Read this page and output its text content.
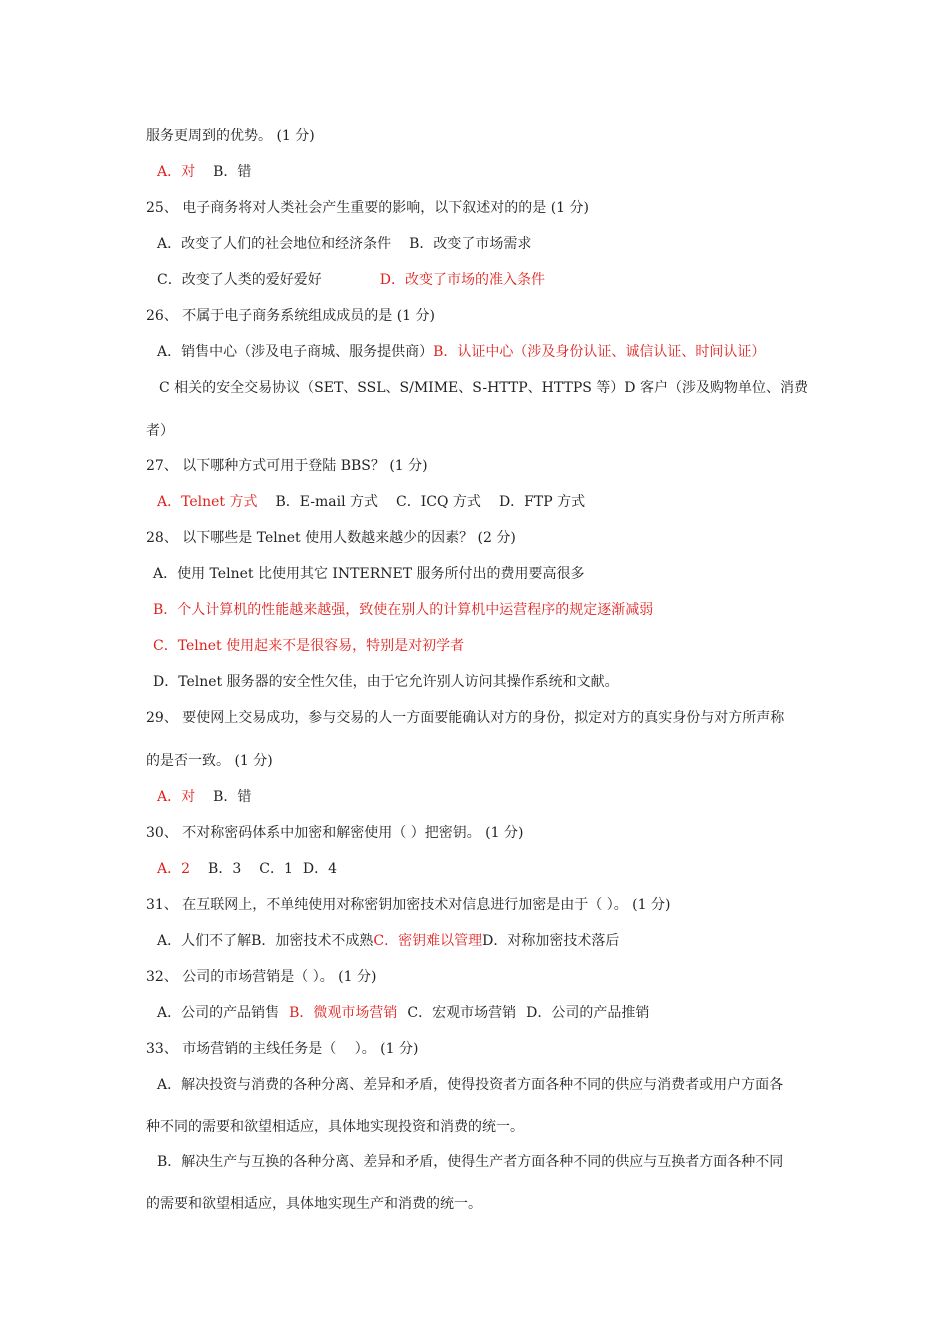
服务更周到的优势。 (1 分)
A．对 B．错
25、 电子商务将对人类社会产生重要的影响，以下叙述对的的是 (1 分)
A．改变了人们的社会地位和经济条件 B．改变了市场需求
C．改变了人类的爱好爱好	D．改变了市场的准入条件
26、 不属于电子商务系统组成成员的是 (1 分)
A．销售中心（涉及电子商城、服务提供商）B．认证中心（涉及身份认证、诚信认证、时间认证）
C 相关的安全交易协议（SET、SSL、S/MIME、S-HTTP、HTTPS 等）D 客户（涉及购物单位、消费
者）
27、 以下哪种方式可用于登陆 BBS？ (1 分)
A．Telnet 方式 B．E-mail 方式 C．ICQ 方式 D．FTP 方式
28、 以下哪些是 Telnet 使用人数越来越少的因素？ (2 分)
A．使用 Telnet 比使用其它 INTERNET 服务所付出的费用要高很多
B．个人计算机的性能越来越强，致使在别人的计算机中运营程序的规定逐渐减弱
C．Telnet 使用起来不是很容易，特别是对初学者
D．Telnet 服务器的安全性欠佳，由于它允许别人访问其操作系统和文献。
29、 要使网上交易成功，参与交易的人一方面要能确认对方的身份，拟定对方的真实身份与对方所声称
的是否一致。 (1 分)
A．对 B．错
30、 不对称密码体系中加密和解密使用（ ）把密钥。 (1 分)
A．2 B．3 C．1 D．4
31、 在互联网上，不单纯使用对称密钥加密技术对信息进行加密是由于（ ）。 (1 分)
A．人们不了解B．加密技术不成熟C．密钥难以管理D．对称加密技术落后
32、 公司的市场营销是（ ）。 (1 分)
A．公司的产品销售 B．微观市场营销 C．宏观市场营销 D．公司的产品推销
33、 市场营销的主线任务是（　 ）。 (1 分)
A．解决投资与消费的各种分离、差异和矛盾，使得投资者方面各种不同的供应与消费者或用户方面各
种不同的需要和欲望相适应，具体地实现投资和消费的统一。
B．解决生产与互换的各种分离、差异和矛盾，使得生产者方面各种不同的供应与互换者方面各种不同
的需要和欲望相适应，具体地实现生产和消费的统一。
